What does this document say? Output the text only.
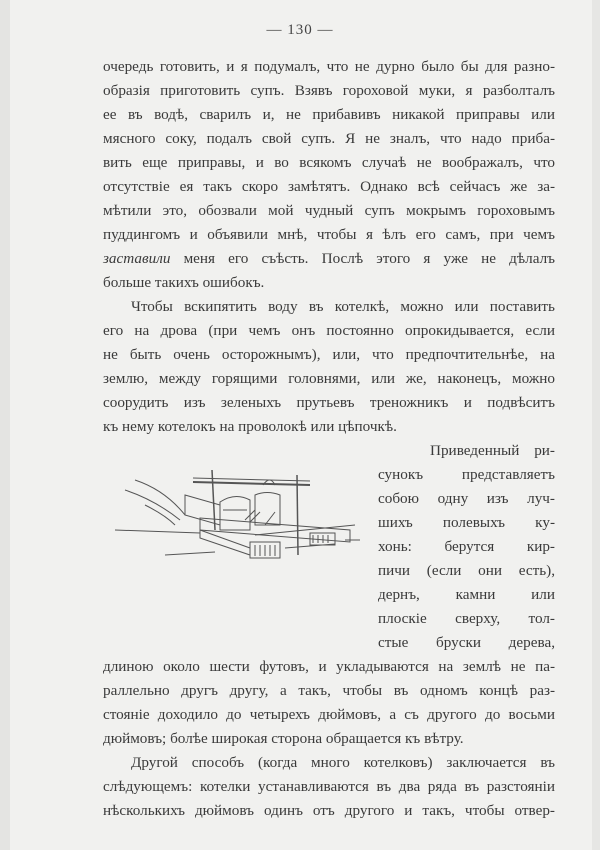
— 130 —
очередь готовить, и я подумалъ, что не дурно было бы для разно-
образія приготовить супъ. Взявъ гороховой муки, я разболталъ
ее въ водѣ, сварилъ и, не прибавивъ никакой приправы или
мясного соку, подалъ свой супъ. Я не зналъ, что надо приба-
вить еще приправы, и во всякомъ случаѣ не воображалъ, что
отсутствіе ея такъ скоро замѣтятъ. Однако всѣ сейчасъ же за-
мѣтили это, обозвали мой чудный супъ мокрымъ гороховымъ
пуддингомъ и объявили мнѣ, чтобы я ѣлъ его самъ, при чемъ
заставили меня его съѣсть. Послѣ этого я уже не дѣлалъ
больше такихъ ошибокъ.
Чтобы вскипятить воду въ котелкѣ, можно или поставить
его на дрова (при чемъ онъ постоянно опрокидывается, если
не быть очень осторожнымъ), или, что предпочтительнѣе, на
землю, между горящими головнями, или же, наконецъ, можно
соорудить изъ зеленыхъ прутьевъ треножникъ и подвѣситъ
къ нему котелокъ на проволокѣ или цѣпочкѣ.
Приведенный ри-
сунокъ представляетъ
собою одну изъ луч-
шихъ полевыхъ ку-
хонь: берутся кир-
пичи (если они есть),
дернъ, камни или
плоскіе сверху, тол-
стые бруски дерева,
длиною около шести футовъ, и укладываются на землѣ не па-
раллельно другъ другу, а такъ, чтобы въ одномъ концѣ раз-
стояніе доходило до четырехъ дюймовъ, а съ другого до восьми
дюймовъ; болѣе широкая сторона обращается къ вѣтру.
Другой способъ (когда много котелковъ) заключается въ
слѣдующемъ: котелки устанавливаются въ два ряда въ разстояніи
нѣсколькихъ дюймовъ одинъ отъ другого и такъ, чтобы отвер-
